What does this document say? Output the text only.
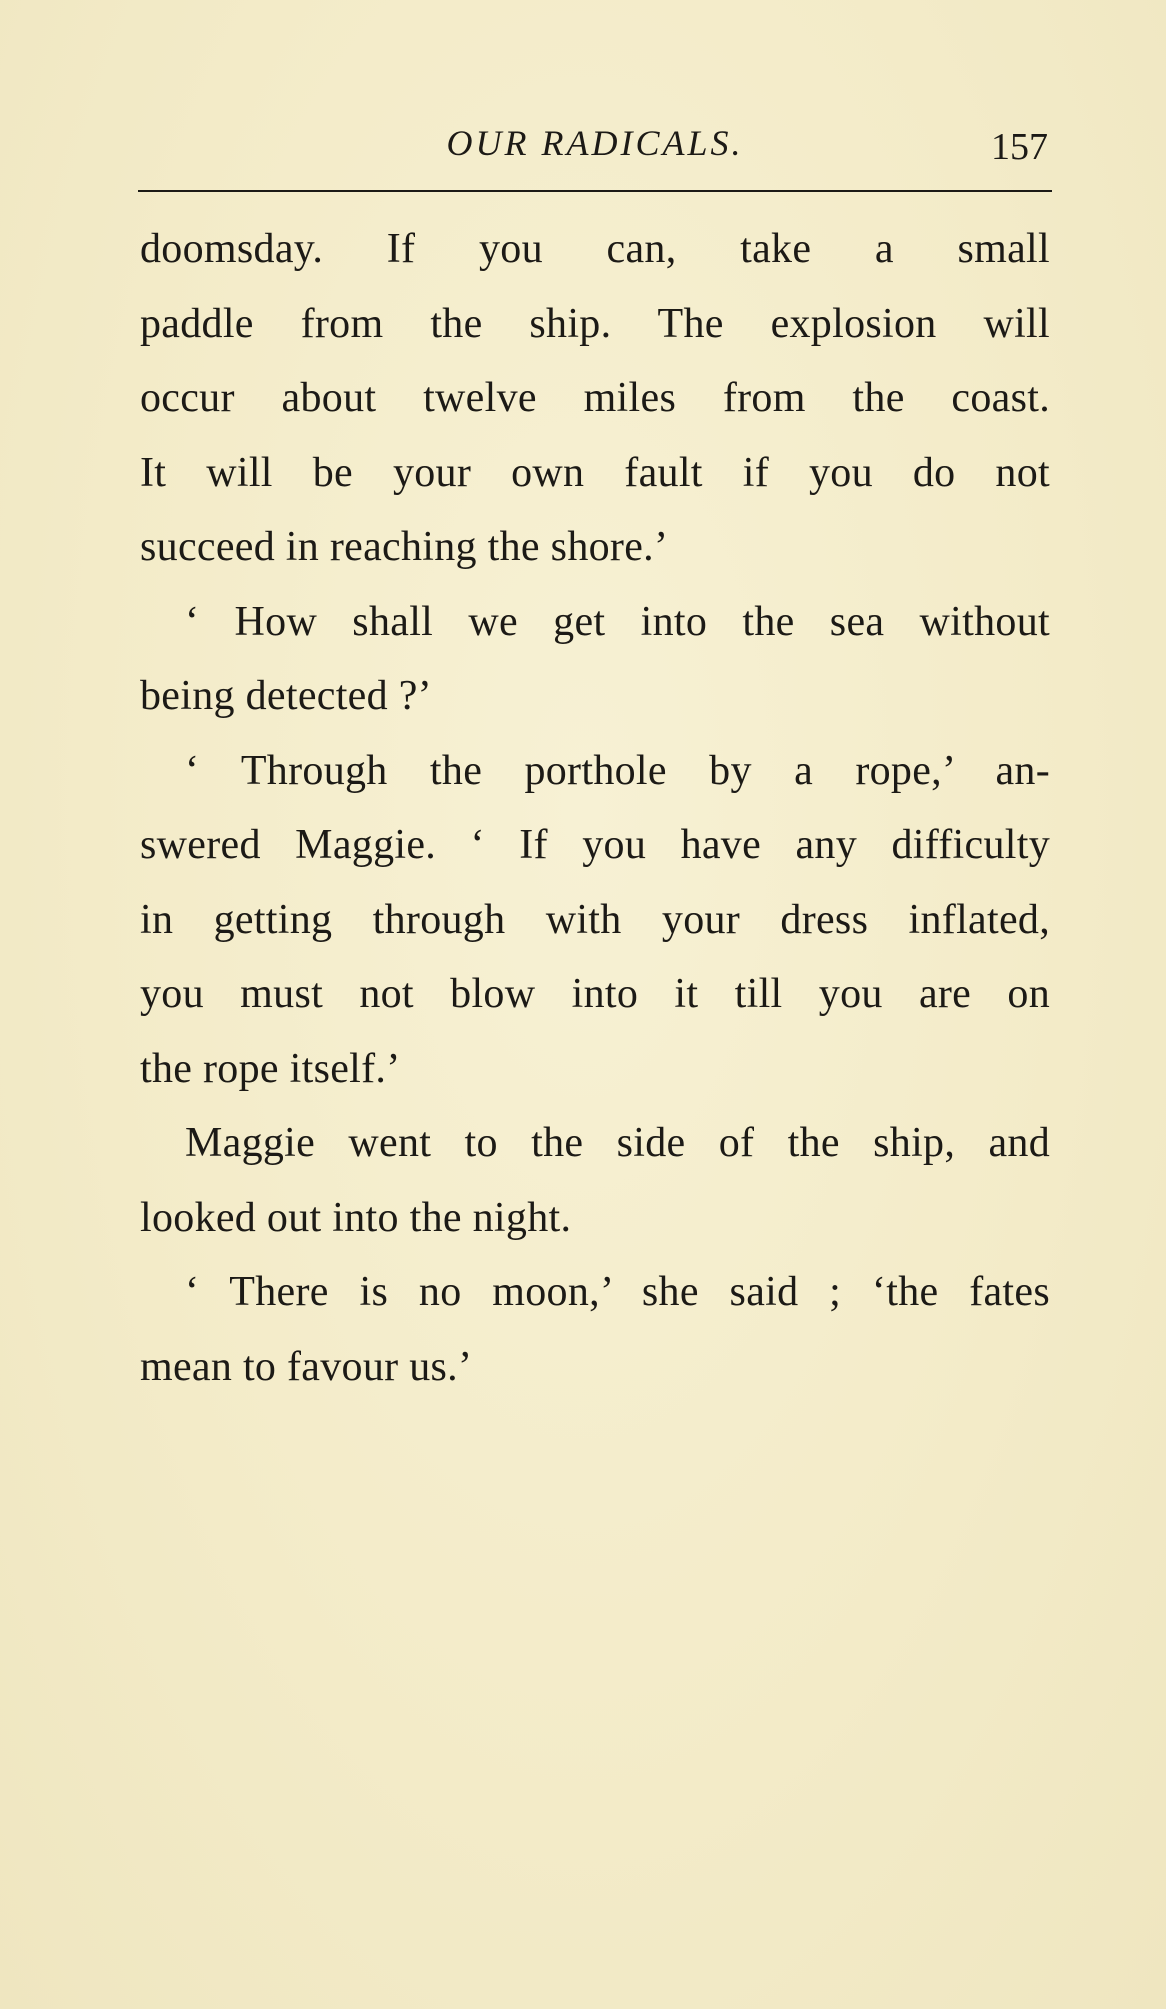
OUR RADICALS.	157
doomsday. If you can, take a small
paddle from the ship. The explosion will
occur about twelve miles from the coast.
It will be your own fault if you do not
succeed in reaching the shore.’
‘ How shall we get into the sea without
being detected ?’
‘ Through the porthole by a rope,’ an-
swered Maggie. ‘ If you have any difficulty
in getting through with your dress inflated,
you must not blow into it till you are on
the rope itself.’
Maggie went to the side of the ship, and
looked out into the night.
‘ There is no moon,’ she said ; ‘the fates
mean to favour us.’
